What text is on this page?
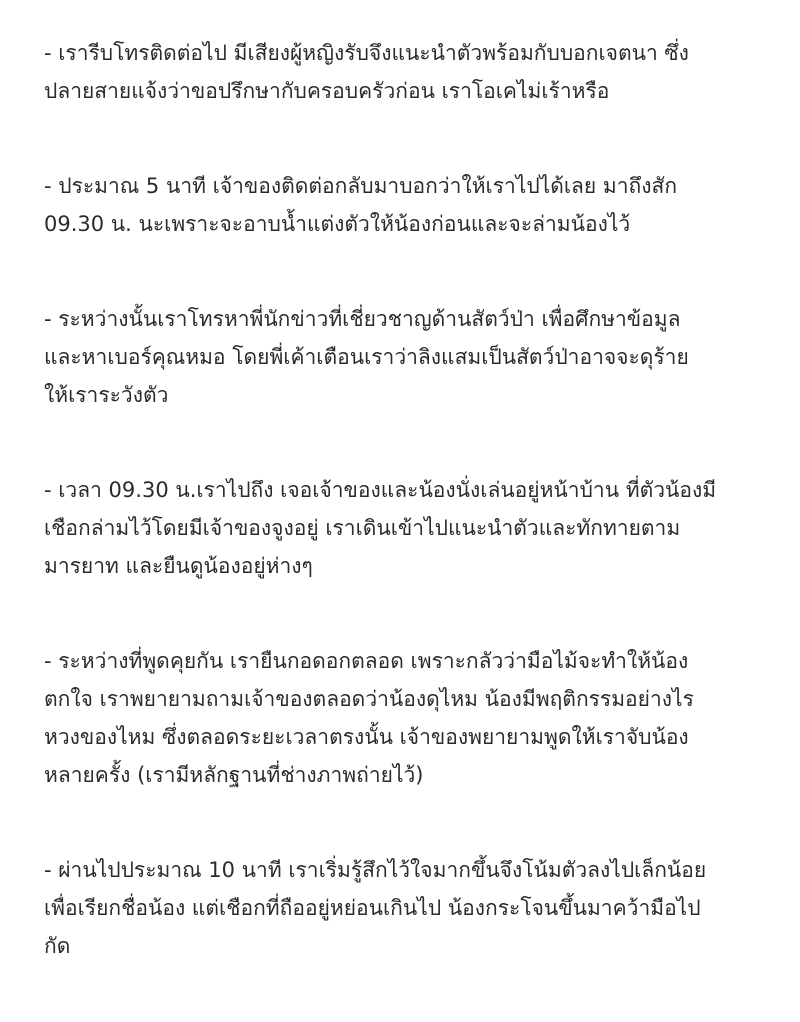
- เรารีบโทรติดต่อไป มีเสียงผู้หญิงรับจึงแนะนำตัวพร้อมกับบอกเจตนา ซึ่ง
ปลายสายแจ้งว่าขอปรึกษากับครอบครัวก่อน เราโอเคไม่เร้าหรือ

- ประมาณ 5 นาที เจ้าของติดต่อกลับมาบอกว่าให้เราไปได้เลย มาถึงสัก
09.30 น. นะเพราะจะอาบน้ำแต่งตัวให้น้องก่อนและจะล่ามน้องไว้

- ระหว่างนั้นเราโทรหาพี่นักข่าวที่เชี่ยวชาญด้านสัตว์ป่า เพื่อศึกษาข้อมูล
และหาเบอร์คุณหมอ โดยพี่เค้าเตือนเราว่าลิงแสมเป็นสัตว์ป่าอาจจะดุร้าย
ให้เราระวังตัว

- เวลา 09.30 น.เราไปถึง เจอเจ้าของและน้องนั่งเล่นอยู่หน้าบ้าน ที่ตัวน้องมี
เชือกล่ามไว้โดยมีเจ้าของจูงอยู่ เราเดินเข้าไปแนะนำตัวและทักทายตาม
มารยาท และยืนดูน้องอยู่ห่างๆ

- ระหว่างที่พูดคุยกัน เรายืนกอดอกตลอด เพราะกลัวว่ามือไม้จะทำให้น้อง
ตกใจ เราพยายามถามเจ้าของตลอดว่าน้องดุไหม น้องมีพฤติกรรมอย่างไร
หวงของไหม ซึ่งตลอดระยะเวลาตรงนั้น เจ้าของพยายามพูดให้เราจับน้อง
หลายครั้ง (เรามีหลักฐานที่ช่างภาพถ่ายไว้)

- ผ่านไปประมาณ 10 นาที เราเริ่มรู้สึกไว้ใจมากขึ้นจึงโน้มตัวลงไปเล็กน้อย
เพื่อเรียกชื่อน้อง แต่เชือกที่ถืออยู่หย่อนเกินไป น้องกระโจนขึ้นมาคว้ามือไป
กัด
